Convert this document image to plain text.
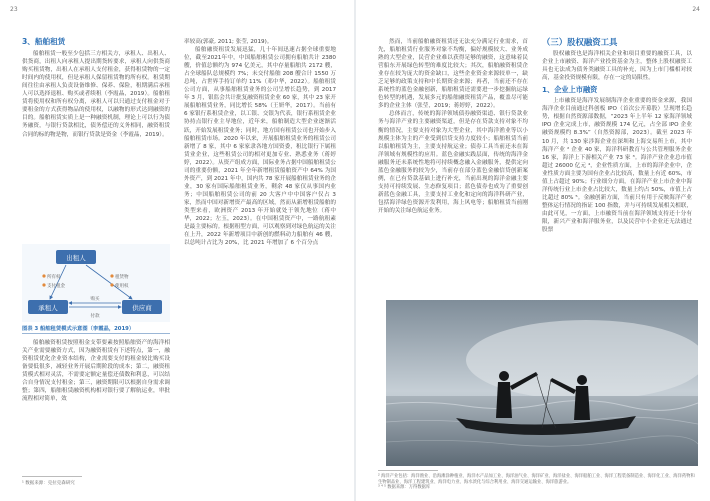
23
3、船舶租赁

船舶租赁一般至少包括三方相关方，承租人、出租人、供货商，出租人向承租人提出期货转要求，承租人向供货商购买租赁物，出租人在承租人支付租金，获得租赁物的一定时间内的使用权，但是承租人保留租赁物的所有权。租赁期间往往由承租人负责设备维修、保养、保险，租期满后承租人可以选择退租、购买或者续租（李霞晶，2019）。船舶租赁将使用权和所有权分离，承租人可以只通过支付租金对于要租金的方式获得物品的使用权，以融物的形式达到融资的目的。船舶租赁实质上是一种融资机制，理论上可以行为债务融资，与银行贷款相比，债务偿还的义务相同，融资租赁合同的标的物是物，而银行贷款是资金（李霞晶，2019）。

出租人
承租人	供应商
所有权
支付租金
租赁物
使用权
购买
付款
图表 3 船舶租赁模式示意图（李霞晶，2019）

船舶融资租赁按照租金支带要素按照船舶资产的海洋相关产业需要融资方式，因为融资租赁有下述特点，第一，融资租赁优化企业资本结构，企业需要支付的租金较比购买设备要低很多，减轻业务开展后期阶段的成本；第二，融资租赁模式相对灵活，不需要定额定量偿还债数和利息，可以结合自身情况支付租金；第三，融资期限可以根据自身需求调整；第四，船舶租赁融资机构相对银行要了解航运业，审批流程相对简单，效

率较高(郭豪, 2011; 张莹, 2019)。

船舶融资租赁发展迅猛，几十年间迅速占据全球重要地位，截至2021年中，中国船舶租赁公司拥有船舶共计 2380 艘，价值总额约为 974 亿美元，其中存量船舶共 2172 艘，占全球船队总规模约 7%；未交付船舶 208 艘合计 1550 万总吨，占世界手持订单约 11%（邓中华，2022）。船舶租赁公司方面，从事船舶租赁业务的公司呈增长趋势，到 2017 年 3 月，银监会共计批复融资租赁企业 60 家，其中 23 家开展船舶租赁业务，同比增长 58%（王妍华，2017）。当前有 6 家银行系租赁企业，以工银、交银为代表，银行系租赁企业协持点银行业主导地位，近年来，船舶制造大型企业逐渐活跃，开始发展租赁业务；同时，地方国有租赁公司也开始步入船舶租赁市场。2020 年以来，开展船舶租赁业务的租赁公司新增了 8 家，其中 6 家家隶各地方国资委，租比银行下属租赁业企业，这些租赁公司的相对更加专业、熟悉业务（蒋婷婷，2022）。从资产组成方面，国际业务占据中国船舶租赁公司的重要份额，2021 年全年新增租赁船舶资产中 64% 为国外资产，到 2021 年中，国内共 78 家开展船舶租赁业务的企业，30 家有国际船舶租赁业务，剩余 48 家仅从事国内业务；中国船舶租赁公司的前 20 大客户中中国客户仅占 3 家，然而中国对新增资产最高的区域，然而从新增租赁船舶的类型来看，欧洲资产 2013 年开始就处于领先地位（蒋中华，2022；左玉，2023）。在中国租赁资产中，一路航租素是最主要标的。根据租型方面，可以观察到对绿色航运的关注在上升，2022 年新增项目中新创的燃料动力船舶有 46 艘，以总吨计占比为 20%，比 2021 年增加了 6 个百分点

¹ 数据来源：克拉克森研究
24

然而，当前船舶融资租赁还无法充分满足行业需求，首先，船舶租赁行业服务对象不均衡，偏好规模较大、业务成熟的大型企业，民营企业难以获得足够的融资，这意味着民营船东开展绿色转型的难度比较大；其次，船舶融资租赁企业存在较为庞大的资金缺口，这些企业资金来源较单一，缺乏足够的政策支持和中长期资金来源；再者，当前还不存在系统性的蓝色金融创新，船舶租赁还需要进一步挖掘航运绿色转型的机遇，发展多元的船舶融资租赁产品，覆盖尽可能多的企业主体（张莹，2019；蒋婷婷，2022）。

总体而言，传统的海洋领域债券融资渠道、银行贷款业务与海洋产业的主要融资渠道，但是存在贷款支持对象不均衡的情况，主要支持对象为大型企业，其中海洋渔业等以小规模主体为主的产业受到信贷支持力度较小；船舶租赁当前以船舶租赁为主，主要支持航运业；债券工具当前还未在海洋领域有规模性的应用。蓝色金融实践层面，传统的海洋金融服务还未系统性地将可持续概念融入金融服务，提供定向蓝色金融服务的较为少，当前存在部分蓝色金融信贷创新案例，在已有贷款基础上进行补充，当前出现的海洋金融主要支持可持续发展、生态修复项目；蓝色债券也成为了重要创新蓝色金融工具，主要支持工业化和定向的海洋科研产业，包括海洋绿色资源开发利用，海上风电等；船舶租赁当前刚开始的关注绿色航运业务。

（三）股权融资工具

股权融资也是海洋相关企业和项目重要的融资工具，以企业上市融资、海洋产业投资基金为主，整体上股权融资工具也无法成为债务类融资工具的补充，因为上市门槛相对较高，基金投资规模有限，存在一定的局限性。

1、企业上市融资

上市融资是海洋发展制海洋企业重要的资金来源，我国海洋企业目前通过科创板 IPO（首次公开募股）呈现增长趋势，根据自然资源部数据，“2023 年上半年 12 家海洋领域 IPO 企业完成上市，融资规模 174 亿元，占全部 IPO 企业融资规模约 8.3%”（自然资源部，2023）。截至 2023 年 10 月，共 130 家涉海企业在深圳和上海交易所上市，其中海洋产业 ² 企业 40 家，海洋科研教育与公共管理服务企业 16 家，海洋上下游相关产业 73 家 ³。海洋产业企业总市值超过 26000 亿元 ⁴，企业性质方面，上市的海洋企业中，企业性质方面主要为国有企业占比较高，数量上有近 60%，市值上占超过 90%；行业细分方面，在海洋产业上市企业中海洋传统行业上市企业占比较大，数量上约占 50%，市值上占比超过 80% ⁵。金融创新方面，当前只有用于反映海洋产业整体运行情况的指证 100 指数，并与可持续发展相关相联，由此可见，一方面，上市融资当前在海洋领域支持还十分有限，新兴产业和海洋服务业，以及民营中小企业还无法通过股票

² 海洋产业包括：海洋渔业、沿海滩涂种植业、海洋水产品加工业、海洋油气业、海洋矿业、海洋盐业、海洋船舶工业、海洋工程装备制造业、海洋化工业、海洋药物和生物制品业、海洋工程建筑业、海洋电力业、海水淡化与综合利用业、海洋交通运输业、海洋旅游业。
³ ⁴ ⁵ 数据来源：万得数据库
